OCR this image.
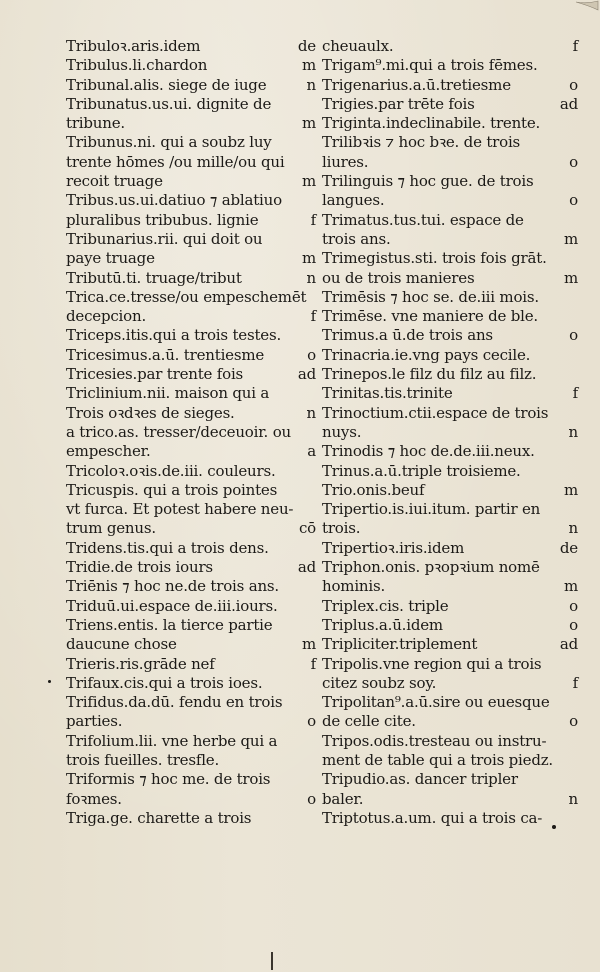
Tribuloꝛ.aris.idem	de
Tribulus.li.chardon	m
Tribunal.alis. siege de iuge	n
Tribunatus.us.ui. dignite de
tribune.	m
Tribunus.ni. qui a soubz luy
trente hōmes /ou mille/ou qui
recoit truage	m
Tribus.us.ui.datiuo ⁊ ablatiuo
pluralibus tribubus. lignie	f
Tribunarius.rii. qui doit ou
paye truage	m
Tributū.ti. truage/tribut	n
Trica.ce.tresse/ou empeschemēt
decepcion.	f
Triceps.itis.qui a trois testes.
Tricesimus.a.ū. trentiesme	o
Tricesies.par trente fois	ad
Triclinium.nii. maison qui a
Trois oꝛdꝛes de sieges.	n
a trico.as. tresser/deceuoir. ou
empescher.	a
Tricoloꝛ.oꝛis.de.iii. couleurs.
Tricuspis. qui a trois pointes
vt furca. Et potest habere neu-
trum genus.	cō
Tridens.tis.qui a trois dens.
Tridie.de trois iours	ad
Triēnis ⁊ hoc ne.de trois ans.
Triduū.ui.espace de.iii.iours.
Triens.entis. la tierce partie
daucune chose	m
Trieris.ris.grāde nef	f
Trifaux.cis.qui a trois ioes.
Trifidus.da.dū. fendu en trois
parties.	o
Trifolium.lii. vne herbe qui a
trois fueilles. tresfle.
Triformis ⁊ hoc me. de trois
foꝛmes.	o
Triga.ge. charette a trois
cheuaulx.	f
Trigam⁹.mi.qui a trois fēmes.
Trigenarius.a.ū.tretiesme	o
Trigies.par trēte fois	ad
Triginta.indeclinabile. trente.
Trilibꝛis ⁊ hoc bꝛe. de trois
liures.	o
Trilinguis ⁊ hoc gue. de trois
langues.	o
Trimatus.tus.tui. espace de
trois ans.	m
Trimegistus.sti. trois fois grāt.
ou de trois manieres	m
Trimēsis ⁊ hoc se. de.iii mois.
Trimēse. vne maniere de ble.
Trimus.a ū.de trois ans	o
Trinacria.ie.vng pays cecile.
Trinepos.le filz du filz au filz.
Trinitas.tis.trinite	f
Trinoctium.ctii.espace de trois
nuys.	n
Trinodis ⁊ hoc de.de.iii.neux.
Trinus.a.ū.triple troisieme.
Trio.onis.beuf	m
Tripertio.is.iui.itum. partir en
trois.	n
Tripertioꝛ.iris.idem	de
Triphon.onis. pꝛopꝛium nomē
hominis.	m
Triplex.cis. triple	o
Triplus.a.ū.idem	o
Tripliciter.triplement	ad
Tripolis.vne region qui a trois
citez soubz soy.	f
Tripolitan⁹.a.ū.sire ou euesque
de celle cite.	o
Tripos.odis.tresteau ou instru-
ment de table qui a trois piedz.
Tripudio.as. dancer tripler
baler.	n
Triptotus.a.um. qui a trois ca-
